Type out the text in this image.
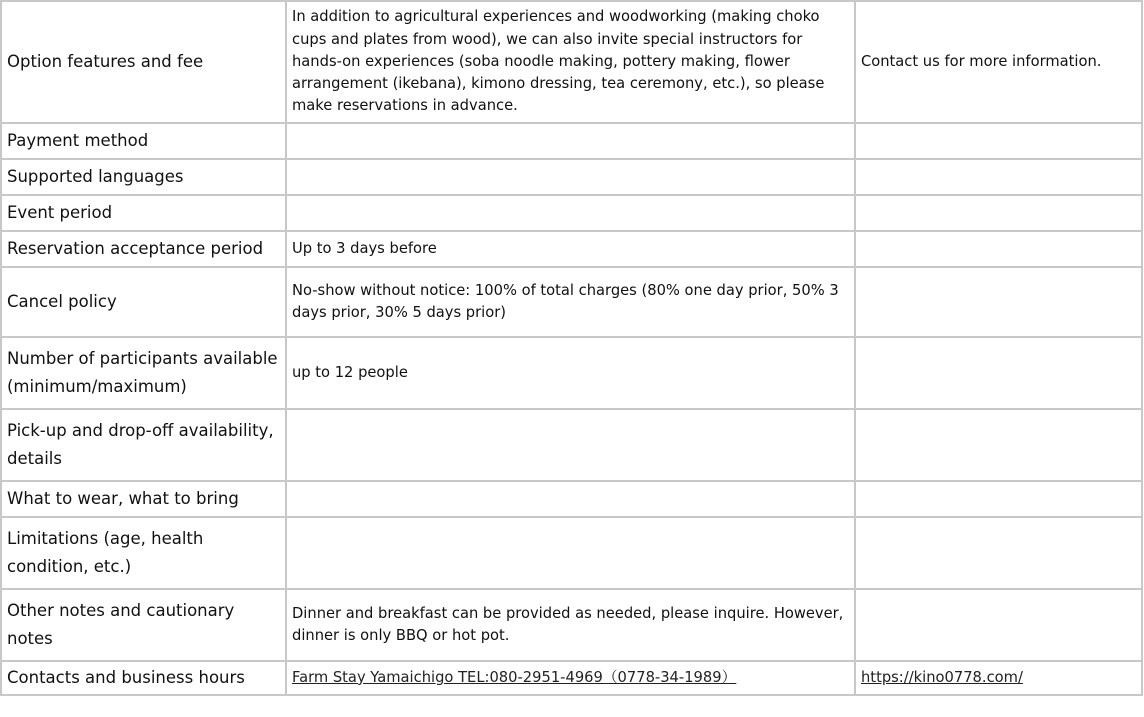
Option features and fee	In addition to agricultural experiences and woodworking (making choko cups and plates from wood), we can also invite special instructors for hands-on experiences (soba noodle making, pottery making, flower arrangement (ikebana), kimono dressing, tea ceremony, etc.), so please make reservations in advance.	Contact us for more information.
Payment method		
Supported languages		
Event period		
Reservation acceptance period	Up to 3 days before	
Cancel policy	No-show without notice: 100% of total charges (80% one day prior, 50% 3 days prior, 30% 5 days prior)	
Number of participants available (minimum/maximum)	up to 12 people	
Pick-up and drop-off availability, details		
What to wear, what to bring		
Limitations (age, health condition, etc.)		
Other notes and cautionary notes	Dinner and breakfast can be provided as needed, please inquire. However, dinner is only BBQ or hot pot.	
Contacts and business hours	Farm Stay Yamaichigo TEL:080-2951-4969（0778-34-1989）	https://kino0778.com/
